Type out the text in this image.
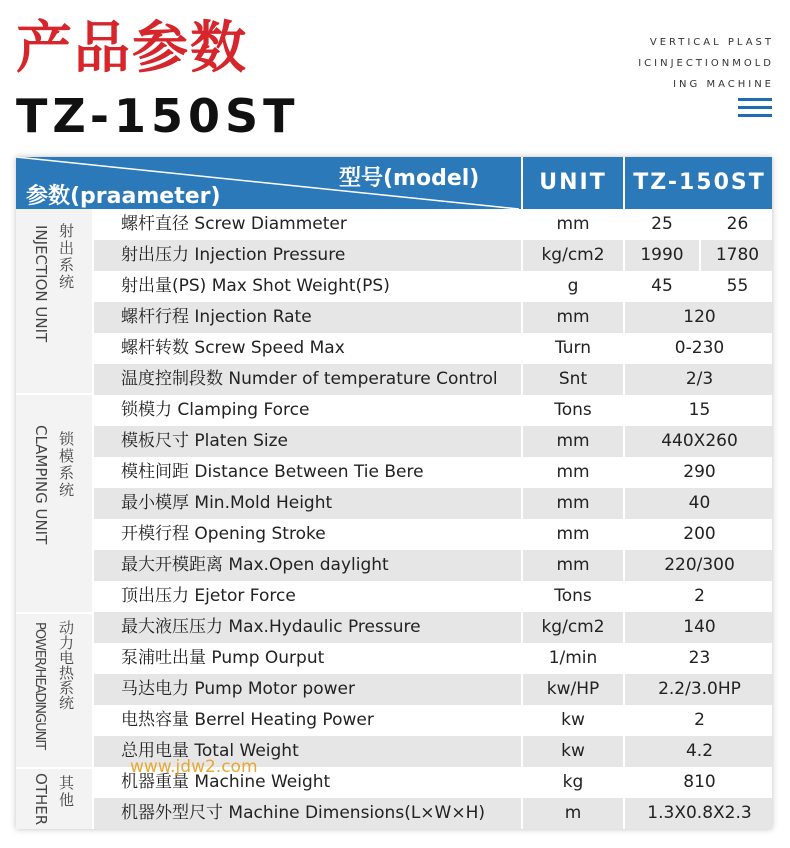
产品参数
TZ-150ST
VERTICAL PLAST
ICINJECTIONMOLD
ING MACHINE
型号(model)
参数(praameter)
UNIT	TZ-150ST
INJECTION UNIT 射出系统
CLAMPING UNIT 锁模系统
POWER/HEADINGUNIT 动力电热系统
OTHER 其他
螺杆直径 Screw Diammeter	mm	25	26
射出压力 Injection Pressure	kg/cm2	1990	1780
射出量(PS) Max Shot Weight(PS)	g	45	55
螺杆行程 Injection Rate	mm	120
螺杆转数 Screw Speed Max	Turn	0-230
温度控制段数 Numder of temperature Control	Snt	2/3
锁模力 Clamping Force	Tons	15
模板尺寸 Platen Size	mm	440X260
模柱间距 Distance Between Tie Bere	mm	290
最小模厚 Min.Mold Height	mm	40
开模行程 Opening Stroke	mm	200
最大开模距离 Max.Open daylight	mm	220/300
顶出压力 Ejetor Force	Tons	2
最大液压压力 Max.Hydaulic Pressure	kg/cm2	140
泵浦吐出量 Pump Ourput	1/min	23
马达电力 Pump Motor power	kw/HP	2.2/3.0HP
电热容量 Berrel Heating Power	kw	2
总用电量 Total Weight	kw	4.2
机器重量 Machine Weight	kg	810
机器外型尺寸 Machine Dimensions(L×W×H)	m	1.3X0.8X2.3
www.jdw2.com
